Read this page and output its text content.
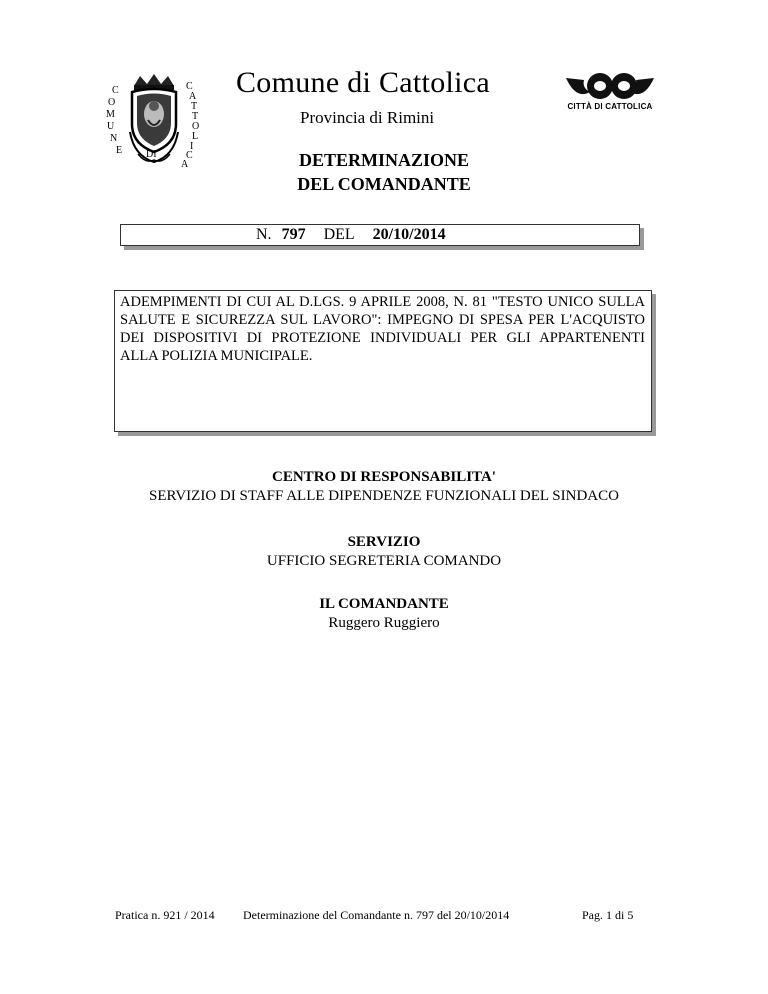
C
O
M
U
N
E
C
A
T
T
O
L
I
C
A
DI
Comune di Cattolica
Provincia di Rimini
CITTÀ DI CATTOLICA
DETERMINAZIONE
DEL COMANDANTE
N. 797 DEL 20/10/2014
ADEMPIMENTI DI CUI AL D.LGS. 9 APRILE 2008, N. 81 "TESTO UNICO SULLA SALUTE E SICUREZZA SUL LAVORO": IMPEGNO DI SPESA PER L'ACQUISTO DEI DISPOSITIVI DI PROTEZIONE INDIVIDUALI PER GLI APPARTENENTI ALLA POLIZIA MUNICIPALE.
CENTRO DI RESPONSABILITA'
SERVIZIO DI STAFF ALLE DIPENDENZE FUNZIONALI DEL SINDACO
SERVIZIO
UFFICIO SEGRETERIA COMANDO
IL COMANDANTE
Ruggero Ruggiero
Pratica n. 921 / 2014 Determinazione del Comandante n. 797 del 20/10/2014	Pag. 1 di 5
